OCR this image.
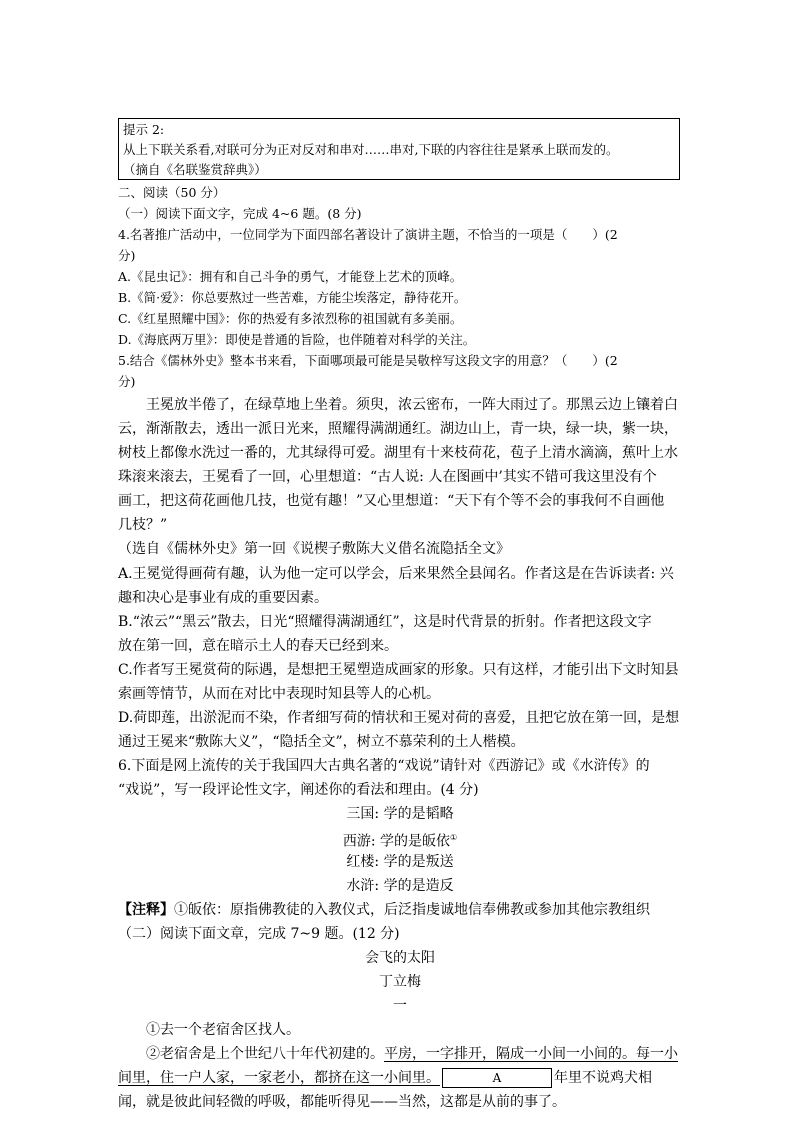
提示 2:
从上下联关系看,对联可分为正对反对和串对……串对,下联的内容往往是紧承上联而发的。
（摘自《名联鉴赏辞典》）
二、阅读（50 分）
（一）阅读下面文字，完成 4~6 题。(8 分)
4.名著推广活动中，一位同学为下面四部名著设计了演讲主题，不恰当的一项是（　　）(2
分)
A.《昆虫记》：拥有和自己斗争的勇气，才能登上艺术的顶峰。
B.《简·爱》：你总要熬过一些苦难，方能尘埃落定，静待花开。
C.《红星照耀中国》：你的热爱有多浓烈称的祖国就有多美丽。
D.《海底两万里》：即使是普通的旨险，也伴随着对科学的关注。
5.结合《儒林外史》整本书来看，下面哪项最可能是吴敬梓写这段文字的用意？（　　）(2
分)
　　王冕放半倦了，在绿草地上坐着。须臾，浓云密布，一阵大雨过了。那黑云边上镶着白
云，渐渐散去，透出一派日光来，照耀得满湖通红。湖边山上，青一块，绿一块，紫一块，
树枝上都像水洗过一番的，尤其绿得可爱。湖里有十来枝荷花，苞子上清水滴滴，蕉叶上水
珠滚来滚去，王冕看了一回，心里想道：“古人说: 人在图画中’其实不错可我这里没有个
画工，把这荷花画他几技，也觉有趣！”又心里想道：“天下有个等不会的事我何不自画他
几枝？”
（选自《儒林外史》第一回《说楔子敷陈大义借名流隐括全文》
A.王冕觉得画荷有趣，认为他一定可以学会，后来果然全县闻名。作者这是在告诉读者: 兴
趣和决心是事业有成的重要因素。
B.“浓云”“黑云”散去，日光“照耀得满湖通红”，这是时代背景的折射。作者把这段文字
放在第一回，意在暗示土人的春天已经到来。
C.作者写王冕赏荷的际遇，是想把王冕塑造成画家的形象。只有这样，才能引出下文时知县
索画等情节，从而在对比中表现时知县等人的心机。
D.荷即莲，出淤泥而不染，作者细写荷的情状和王冕对荷的喜爱，且把它放在第一回，是想
通过王冕来“敷陈大义”，“隐括全文”，树立不慕荣利的土人楷模。
6.下面是网上流传的关于我国四大古典名著的“戏说”请针对《西游记》或《水浒传》的
“戏说”，写一段评论性文字，阐述你的看法和理由。(4 分)
三国: 学的是韬略
西游: 学的是皈依①
红楼: 学的是叛送
水浒: 学的是造反
【注释】①皈依：原指佛教徒的入教仪式，后泛指虔诚地信奉佛教或参加其他宗教组织
（二）阅读下面文章，完成 7~9 题。(12 分)
会飞的太阳
丁立梅
一
　　①去一个老宿舍区找人。
　　②老宿舍是上个世纪八十年代初建的。平房，一字排开，隔成一小间一小间的。每一小
间里，住一户人家，一家老小，都挤在这一小间里。	A	年里不说鸡犬相
闻，就是彼此间轻微的呼吸，都能听得见——当然，这都是从前的事了。
